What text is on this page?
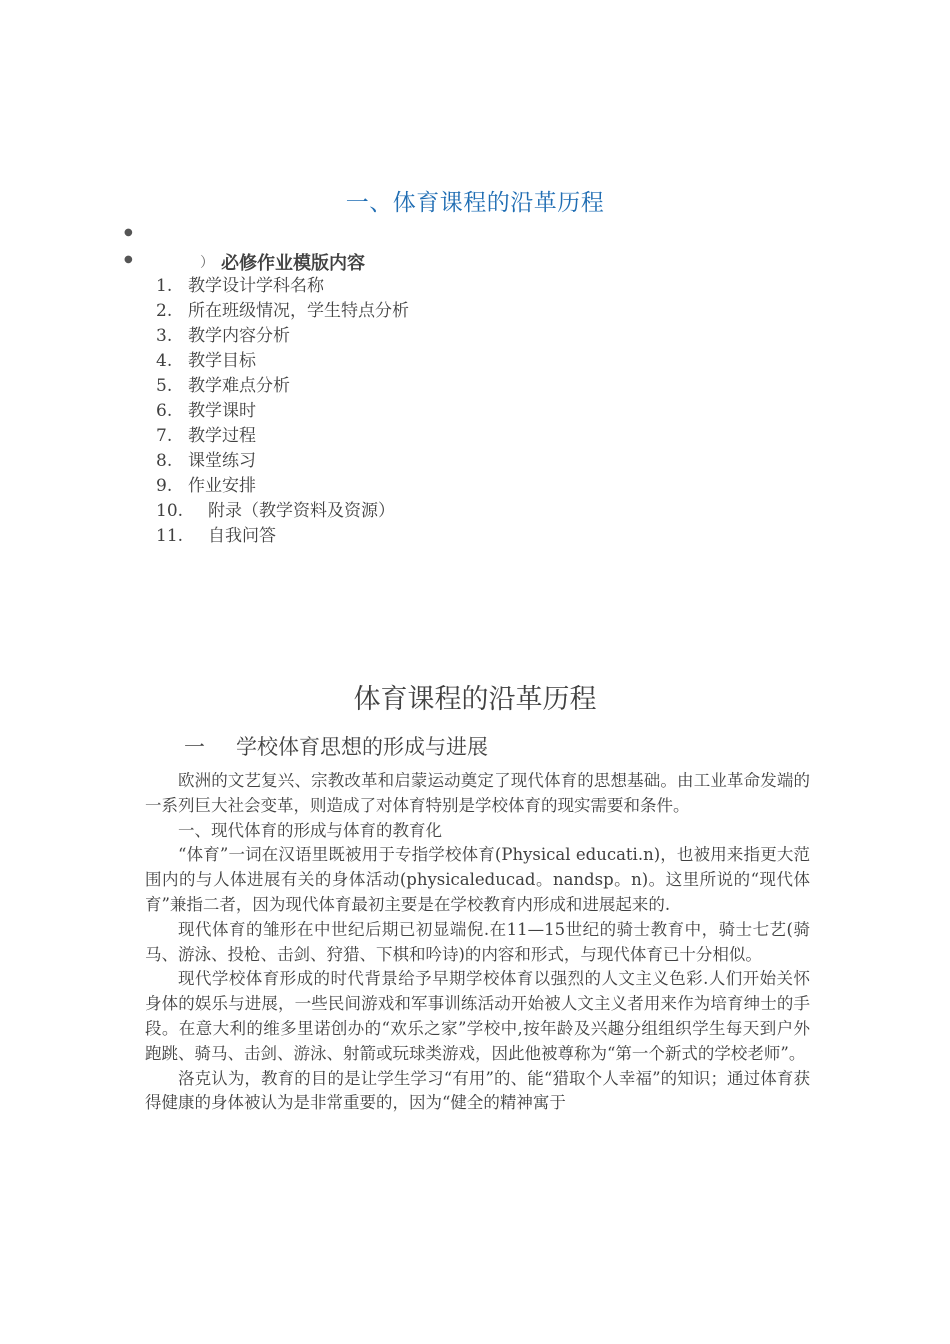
一、体育课程的沿革历程
●
●	） 必修作业模版内容
1. 教学设计学科名称
2. 所在班级情况，学生特点分析
3. 教学内容分析
4. 教学目标
5. 教学难点分析
6. 教学课时
7. 教学过程
8. 课堂练习
9. 作业安排
10. 附录（教学资料及资源）
11. 自我问答
体育课程的沿革历程
一 学校体育思想的形成与进展

欧洲的文艺复兴、宗教改革和启蒙运动奠定了现代体育的思想基础。由工业革命发端的一系列巨大社会变革，则造成了对体育特别是学校体育的现实需要和条件。

一、现代体育的形成与体育的教育化

“体育”一词在汉语里既被用于专指学校体育(Physical educati.n)，也被用来指更大范围内的与人体进展有关的身体活动(physicaleducad。nandsp。n)。这里所说的“现代体育”兼指二者，因为现代体育最初主要是在学校教育内形成和进展起来的.

现代体育的雏形在中世纪后期已初显端倪.在11—15世纪的骑士教育中，骑士七艺(骑马、游泳、投枪、击剑、狩猎、下棋和吟诗)的内容和形式，与现代体育已十分相似。

现代学校体育形成的时代背景给予早期学校体育以强烈的人文主义色彩.人们开始关怀身体的娱乐与进展，一些民间游戏和军事训练活动开始被人文主义者用来作为培育绅士的手段。在意大利的维多里诺创办的“欢乐之家”学校中,按年龄及兴趣分组组织学生每天到户外跑跳、骑马、击剑、游泳、射箭或玩球类游戏，因此他被尊称为“第一个新式的学校老师”。

洛克认为，教育的目的是让学生学习“有用”的、能“猎取个人幸福”的知识；通过体育获得健康的身体被认为是非常重要的，因为“健全的精神寓于
